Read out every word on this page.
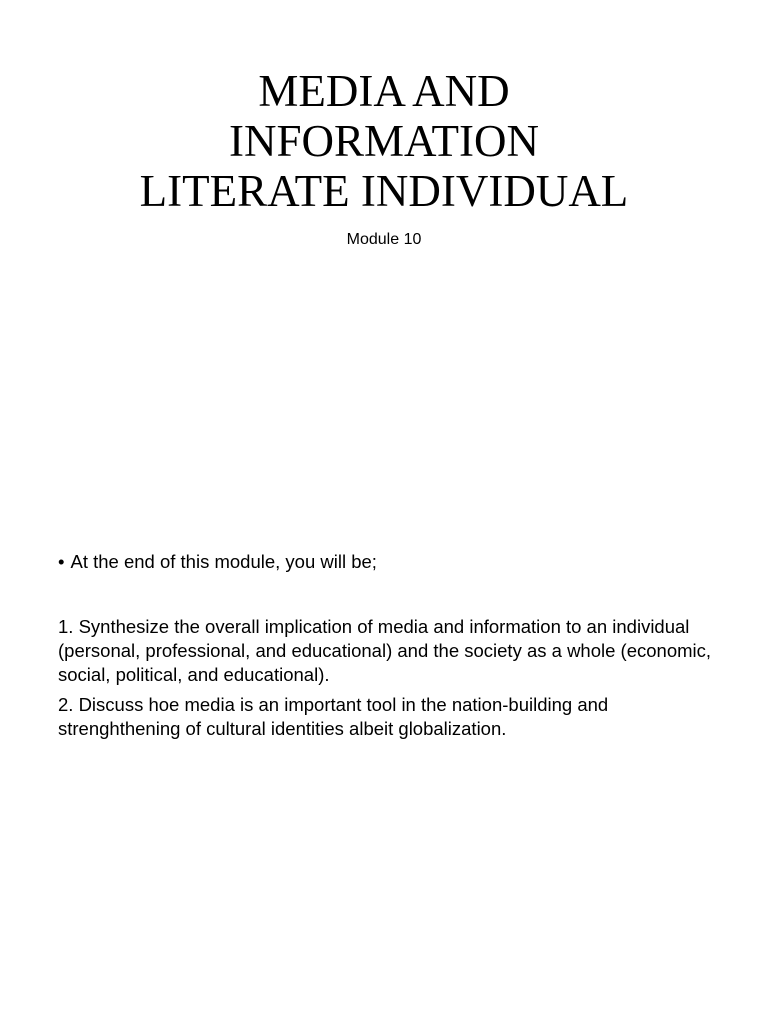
MEDIA AND
INFORMATION
LITERATE INDIVIDUAL
Module 10
• At the end of this module, you will be;

1. Synthesize the overall implication of media and information to an individual (personal, professional, and educational) and the society as a whole (economic, social, political, and educational).

2. Discuss hoe media is an important tool in the nation-building and strenghthening of cultural identities albeit globalization.
